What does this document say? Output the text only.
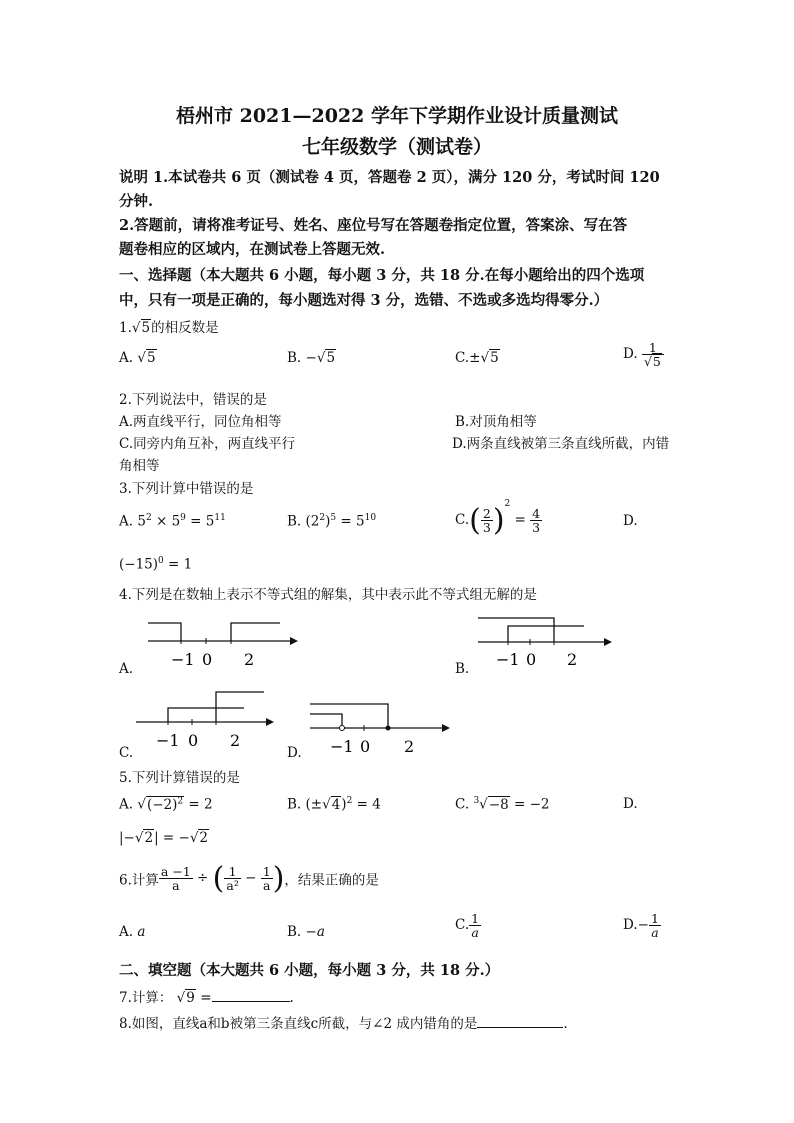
梧州市 2021—2022 学年下学期作业设计质量测试
七年级数学（测试卷）
说明 1.本试卷共 6 页（测试卷 4 页，答题卷 2 页），满分 120 分，考试时间 120
分钟.
2.答题前，请将准考证号、姓名、座位号写在答题卷指定位置，答案涂、写在答
题卷相应的区域内，在测试卷上答题无效.
一、选择题（本大题共 6 小题，每小题 3 分，共 18 分.在每小题给出的四个选项
中，只有一项是正确的，每小题选对得 3 分，选错、不选或多选均得零分.）
1.√5的相反数是
A. √5	B. −√5	C.±√5	D. $\frac{1}{√5}$
2.下列说法中，错误的是
A.两直线平行，同位角相等	B.对顶角相等
C.同旁内角互补，两直线平行	D.两条直线被第三条直线所截，内错
角相等
3.下列计算中错误的是
A. $5^2 \times 5^9 = 5^{11}$	B. $(2^2)^5 = 5^{10}$	$C.( \frac{2}{3} )^2 = \frac{4}{3}$	D.
$(-15)^0 = 1$
4.下列是在数轴上表示不等式组的解集，其中表示此不等式组无解的是
−1 0 2
A.	−1 0 2
B.
−1 0 2
C.	−1 0 2
D.
5.下列计算错误的是
A. $√(-2)^2 = 2$	B. $(\pm√4)^2 = 4$	C. $^3$√−8 = −2	D.
|−√2| = −√2
6.计算 $\frac{a -1}{a}$ ÷ ( $\frac{1}{\text{a²}} - \frac{1}{a}$ )，结果正确的是
A. a	B. −a	C. $\frac{1}{a}$	$D.- \frac{1}{a}$
二、填空题（本大题共 6 小题，每小题 3 分，共 18 分.）
7.计算： √9 =	.
8.如图，直线a和b被第三条直线c所截，与∠2 成内错角的是	.
